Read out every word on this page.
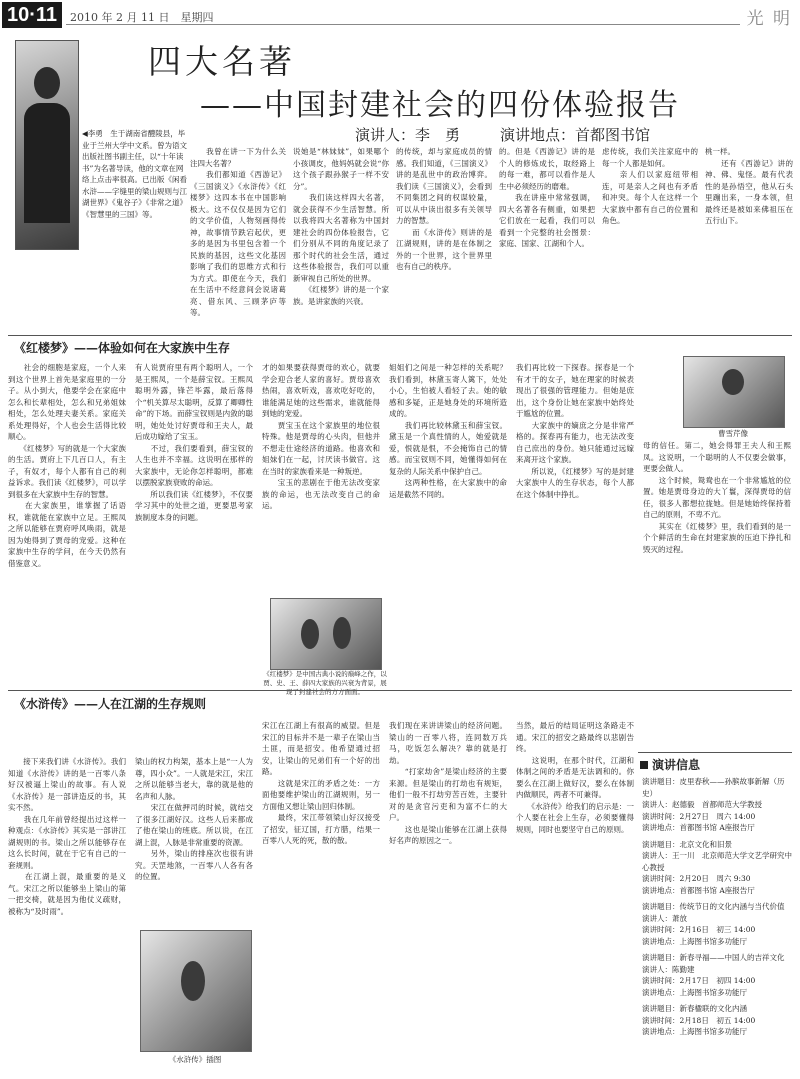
10·11	2010 年 2 月 11 日　星期四	光 明
◀李勇　生于湖南省醴陵县，毕业于兰州大学中文系。曾为语文出版社图书副主任，以“十年读书”为名著导读，他的文章在网络上点击率很高。已出版《闲看水浒——字缝里的梁山规则与江湖世界》《鬼谷子》《非常之道》《智慧里的三国》等。
四大名著
——中国封建社会的四份体验报告
演讲人：李　勇	演讲地点：首都图书馆
　　我曾在讲一下为什么关注四大名著？
　　我们都知道《西游记》《三国演义》《水浒传》《红楼梦》这四本书在中国影响极大。这不仅仅是因为它们的文学价值，人物刻画得传神，故事情节跌宕起伏，更多的是因为书里包含着一个民族的基因，这些文化基因影响了我们的思维方式和行为方式。即使在今天，我们在生活中不经意间会说诸葛亮、借东风、三顾茅庐等等。
说她是“林妹妹”，如果哪个小孩调皮，他妈妈就会说“你这个孩子跟孙猴子一样不安分”。
　　我们读这样四大名著，就会获得不少生活智慧。所以我将四大名著称为中国封建社会的四份体验报告，它们分别从不同的角度记录了那个时代的社会生活，通过这些体验报告，我们可以重新审视自己所处的世界。
　　《红楼梦》讲的是一个家族。是讲家族的兴衰。
的传统，却与家庭成员的情感。我们知道，《三国演义》讲的是乱世中的政治博弈。我们读《三国演义》，会看到不同集团之间的权谋较量，可以从中读出很多有关领导力的智慧。
　　而《水浒传》则讲的是江湖规则，讲的是在体制之外的一个世界，这个世界里也有自己的秩序。
的。但是《西游记》讲的是个人的修炼成长，取经路上的每一难，都可以看作是人生中必须经历的磨难。
　　我在讲座中常常强调，四大名著各有侧重，如果把它们放在一起看，我们可以看到一个完整的社会图景：家庭、国家、江湖和个人。
虑传统，我们关注家庭中的每一个人都是如何。
　　亲人们以家庭纽带相连，可是亲人之间也有矛盾和冲突。每个人在这样一个大家族中都有自己的位置和角色。
桃一样。
　　还有《西游记》讲的神、佛、鬼怪。最有代表性的是孙悟空，他从石头里蹦出来，一身本领，但最终还是被如来佛祖压在五行山下。
《红楼梦》——体验如何在大家族中生存
　　社会的细胞是家庭，一个人来到这个世界上首先是家庭里的一分子。从小到大，他要学会在家庭中怎么和长辈相处，怎么和兄弟姐妹相处，怎么处理夫妻关系。家庭关系处理得好，个人也会生活得比较顺心。
　　《红楼梦》写的就是一个大家族的生活。贾府上下几百口人，有主子，有奴才，每个人都有自己的利益诉求。我们读《红楼梦》，可以学到很多在大家族中生存的智慧。
　　在大家族里，谁掌握了话语权，谁就能在家族中立足。王熙凤之所以能够在贾府呼风唤雨，就是因为她得到了贾母的宠爱。这种在家族中生存的学问，在今天仍然有借鉴意义。
有人说贾府里有两个聪明人，一个是王熙凤，一个是薛宝钗。王熙凤聪明外露，锋芒毕露，最后落得个“机关算尽太聪明，反算了卿卿性命”的下场。而薛宝钗则是内敛的聪明，她处处讨好贾母和王夫人，最后成功嫁给了宝玉。
　　不过，我们要看到，薛宝钗的人生也并不幸福。这说明在那样的大家族中，无论你怎样聪明，都难以摆脱家族衰败的命运。
　　所以我们读《红楼梦》，不仅要学习其中的处世之道，更要思考家族制度本身的问题。
才的如果要获得贾母的欢心，就要学会迎合老人家的喜好。贾母喜欢热闹，喜欢听戏，喜欢吃好吃的，谁能满足她的这些需求，谁就能得到她的宠爱。
　　贾宝玉在这个家族里的地位很特殊。他是贾母的心头肉，但他并不想走仕途经济的道路。他喜欢和姐妹们在一起，讨厌读书做官。这在当时的家族看来是一种叛逆。
　　宝玉的悲剧在于他无法改变家族的命运，也无法改变自己的命运。
姐姐们之间是一种怎样的关系呢？我们看到，林黛玉寄人篱下，处处小心，生怕被人看轻了去。她的敏感和多疑，正是她身处的环境所造成的。
　　我们再比较林黛玉和薛宝钗。黛玉是一个真性情的人，她爱就是爱，恨就是恨，不会掩饰自己的情感。而宝钗则不同，她懂得如何在复杂的人际关系中保护自己。
　　这两种性格，在大家族中的命运是截然不同的。
我们再比较一下探春。探春是一个有才干的女子，她在理家的时候表现出了很强的管理能力。但她是庶出，这个身份让她在家族中始终处于尴尬的位置。
　　大家族中的嫡庶之分是非常严格的。探春再有能力，也无法改变自己庶出的身份。她只能通过远嫁来离开这个家族。
　　所以说，《红楼梦》写的是封建大家族中人的生存状态，每个人都在这个体制中挣扎。
母的信任。第二，她会得罪王夫人和王熙凤。这说明，一个聪明的人不仅要会做事，更要会做人。
　　这个时候，鸳鸯也在一个非常尴尬的位置。她是贾母身边的大丫鬟，深得贾母的信任，很多人都想拉拢她。但是她始终保持着自己的原则，不卑不亢。
　　其实在《红楼梦》里，我们看到的是一个个鲜活的生命在封建家族的压迫下挣扎和毁灭的过程。
曹雪芹像
《红楼梦》是中国古典小说的巅峰之作，以贾、史、王、薛四大家族的兴衰为背景，展现了封建社会的方方面面。
《水浒传》——人在江湖的生存规则
　　接下来我们讲《水浒传》。我们知道《水浒传》讲的是一百零八条好汉被逼上梁山的故事。有人说《水浒传》是一部讲造反的书，其实不然。
　　我在几年前曾经提出过这样一种观点：《水浒传》其实是一部讲江湖规则的书。梁山之所以能够存在这么长时间，就在于它有自己的一套规则。
　　在江湖上混，最重要的是义气。宋江之所以能够坐上梁山的第一把交椅，就是因为他仗义疏财，被称为“及时雨”。
梁山的权力构架，基本上是“一人为尊，四小众”。一人就是宋江，宋江之所以能够当老大，靠的就是他的名声和人脉。
　　宋江在做押司的时候，就结交了很多江湖好汉。这些人后来都成了他在梁山的班底。所以说，在江湖上混，人脉是非常重要的资源。
　　另外，梁山的排座次也很有讲究。天罡地煞，一百零八人各有各的位置。
宋江在江湖上有很高的威望。但是宋江的目标并不是一辈子在梁山当土匪，而是招安。他希望通过招安，让梁山的兄弟们有一个好的出路。
　　这就是宋江的矛盾之处：一方面他要维护梁山的江湖规则，另一方面他又想让梁山回归体制。
　　最终，宋江带领梁山好汉接受了招安，征辽国，打方腊，结果一百零八人死的死，散的散。
我们现在来讲讲梁山的经济问题。梁山的一百零八将，连同数万兵马，吃饭怎么解决？靠的就是打劫。
　　“打家劫舍”是梁山经济的主要来源。但是梁山的打劫也有规矩，他们一般不打劫穷苦百姓，主要针对的是贪官污吏和为富不仁的大户。
　　这也是梁山能够在江湖上获得好名声的原因之一。
当然，最后的结局证明这条路走不通。宋江的招安之路最终以悲剧告终。
　　这说明，在那个时代，江湖和体制之间的矛盾是无法调和的。你要么在江湖上做好汉，要么在体制内做顺民，两者不可兼得。
　　《水浒传》给我们的启示是：一个人要在社会上生存，必须要懂得规则，同时也要坚守自己的原则。
《水浒传》插图
演讲信息
演讲题目：皮里春秋——孙膑故事新解（历史）
演讲人：赵德毅　首都师范大学教授
演讲时间：2月27日　周六 14:00
演讲地点：首都图书馆 A座报告厅
演讲题目：北京文化和旧景
演讲人：王一川　北京师范大学文艺学研究中心教授
演讲时间：2月20日　周六 9:30
演讲地点：首都图书馆 A座报告厅
演讲题目：传统节日的文化内涵与当代价值
演讲人：萧放
演讲时间：2月16日　初三 14:00
演讲地点：上海图书馆多功能厅
演讲题目：新春寻福——中国人的吉祥文化
演讲人：陈勤建
演讲时间：2月17日　初四 14:00
演讲地点：上海图书馆多功能厅
演讲题目：新春楹联的文化内涵
演讲时间：2月18日　初五 14:00
演讲地点：上海图书馆多功能厅
